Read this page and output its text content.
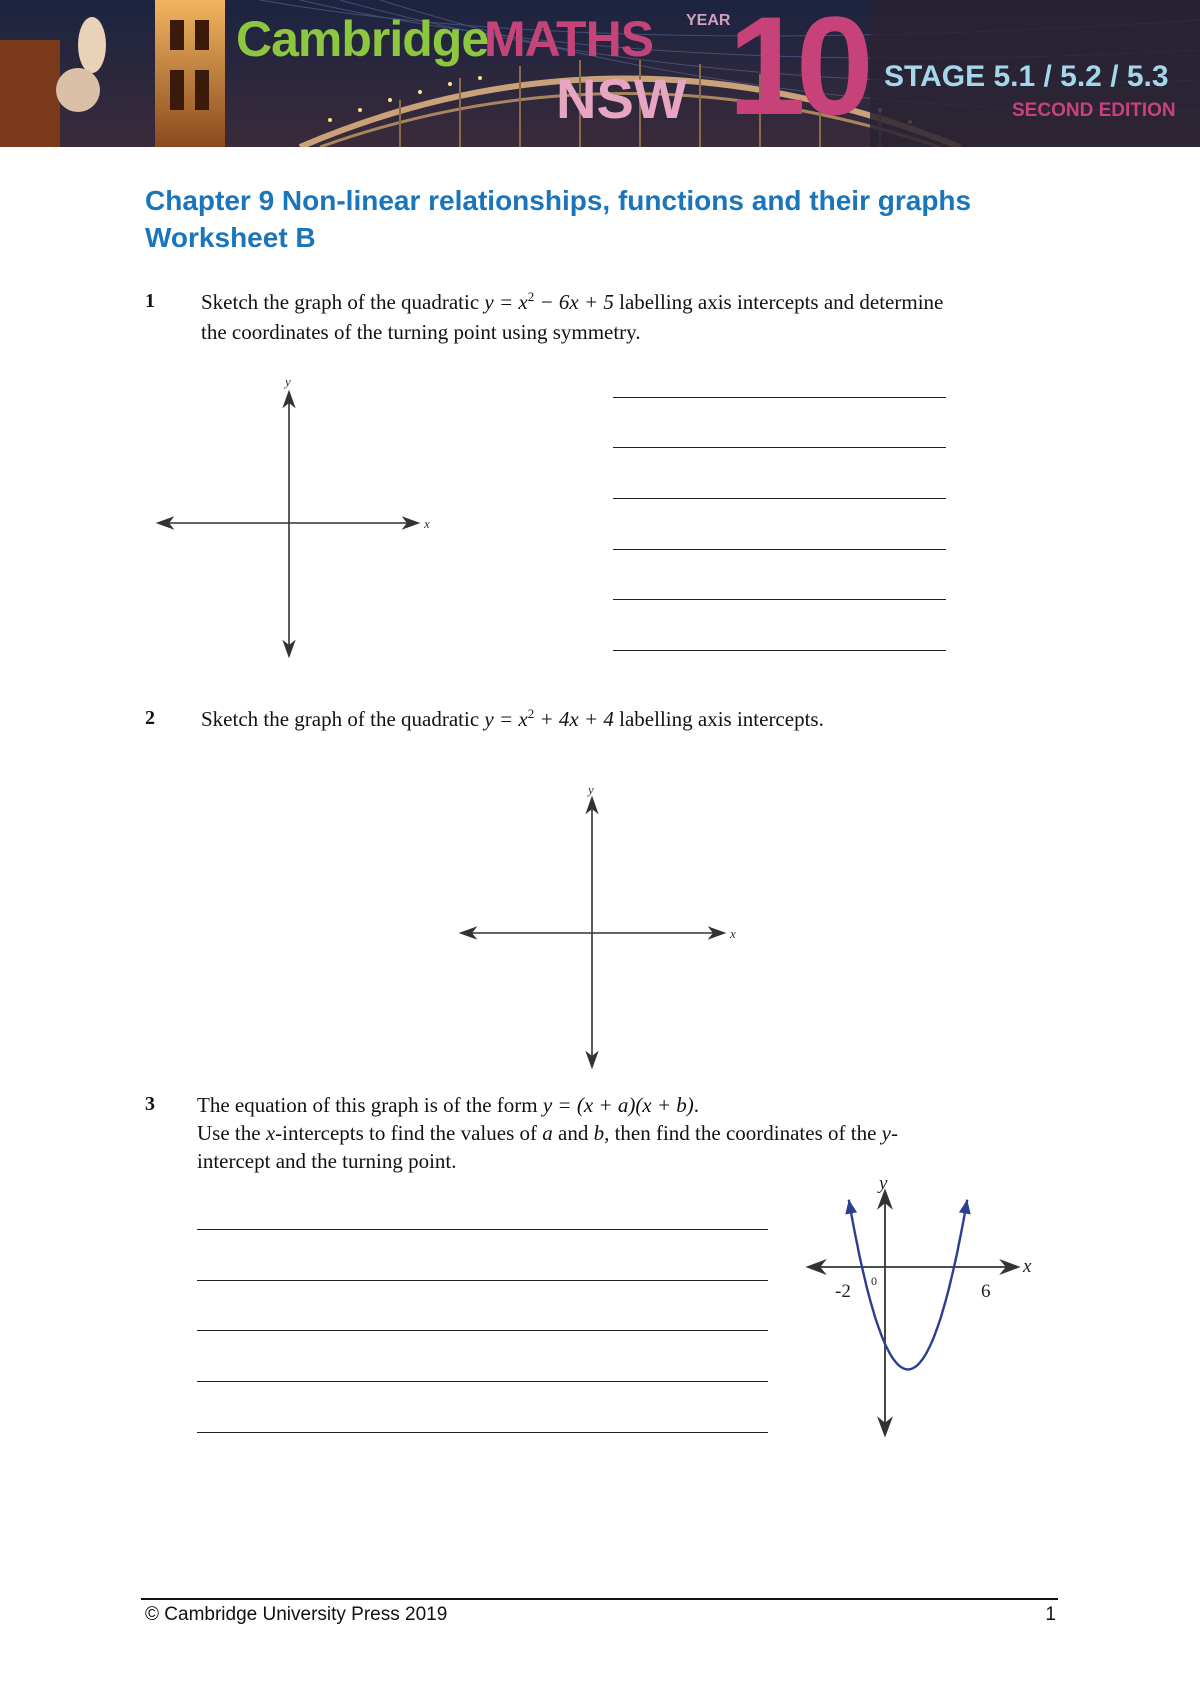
Cambridge
MATHS
NSW
YEAR
10 STAGE 5.1 / 5.2 / 5.3
SECOND EDITION
Chapter 9 Non-linear relationships, functions and their graphs
Worksheet B
1 Sketch the graph of the quadratic $y = x^2 - 6x + 5$ labelling axis intercepts and determine
the coordinates of the turning point using symmetry.
x
y
2 Sketch the graph of the quadratic $y = x^2 + 4x + 4$ labelling axis intercepts.
x
y
3 The equation of this graph is of the form y = (x + a)(x + b).
Use the x-intercepts to find the values of a and b, then find the coordinates of the y-
intercept and the turning point.
x
y
-2	6
0
© Cambridge University Press 2019	1
